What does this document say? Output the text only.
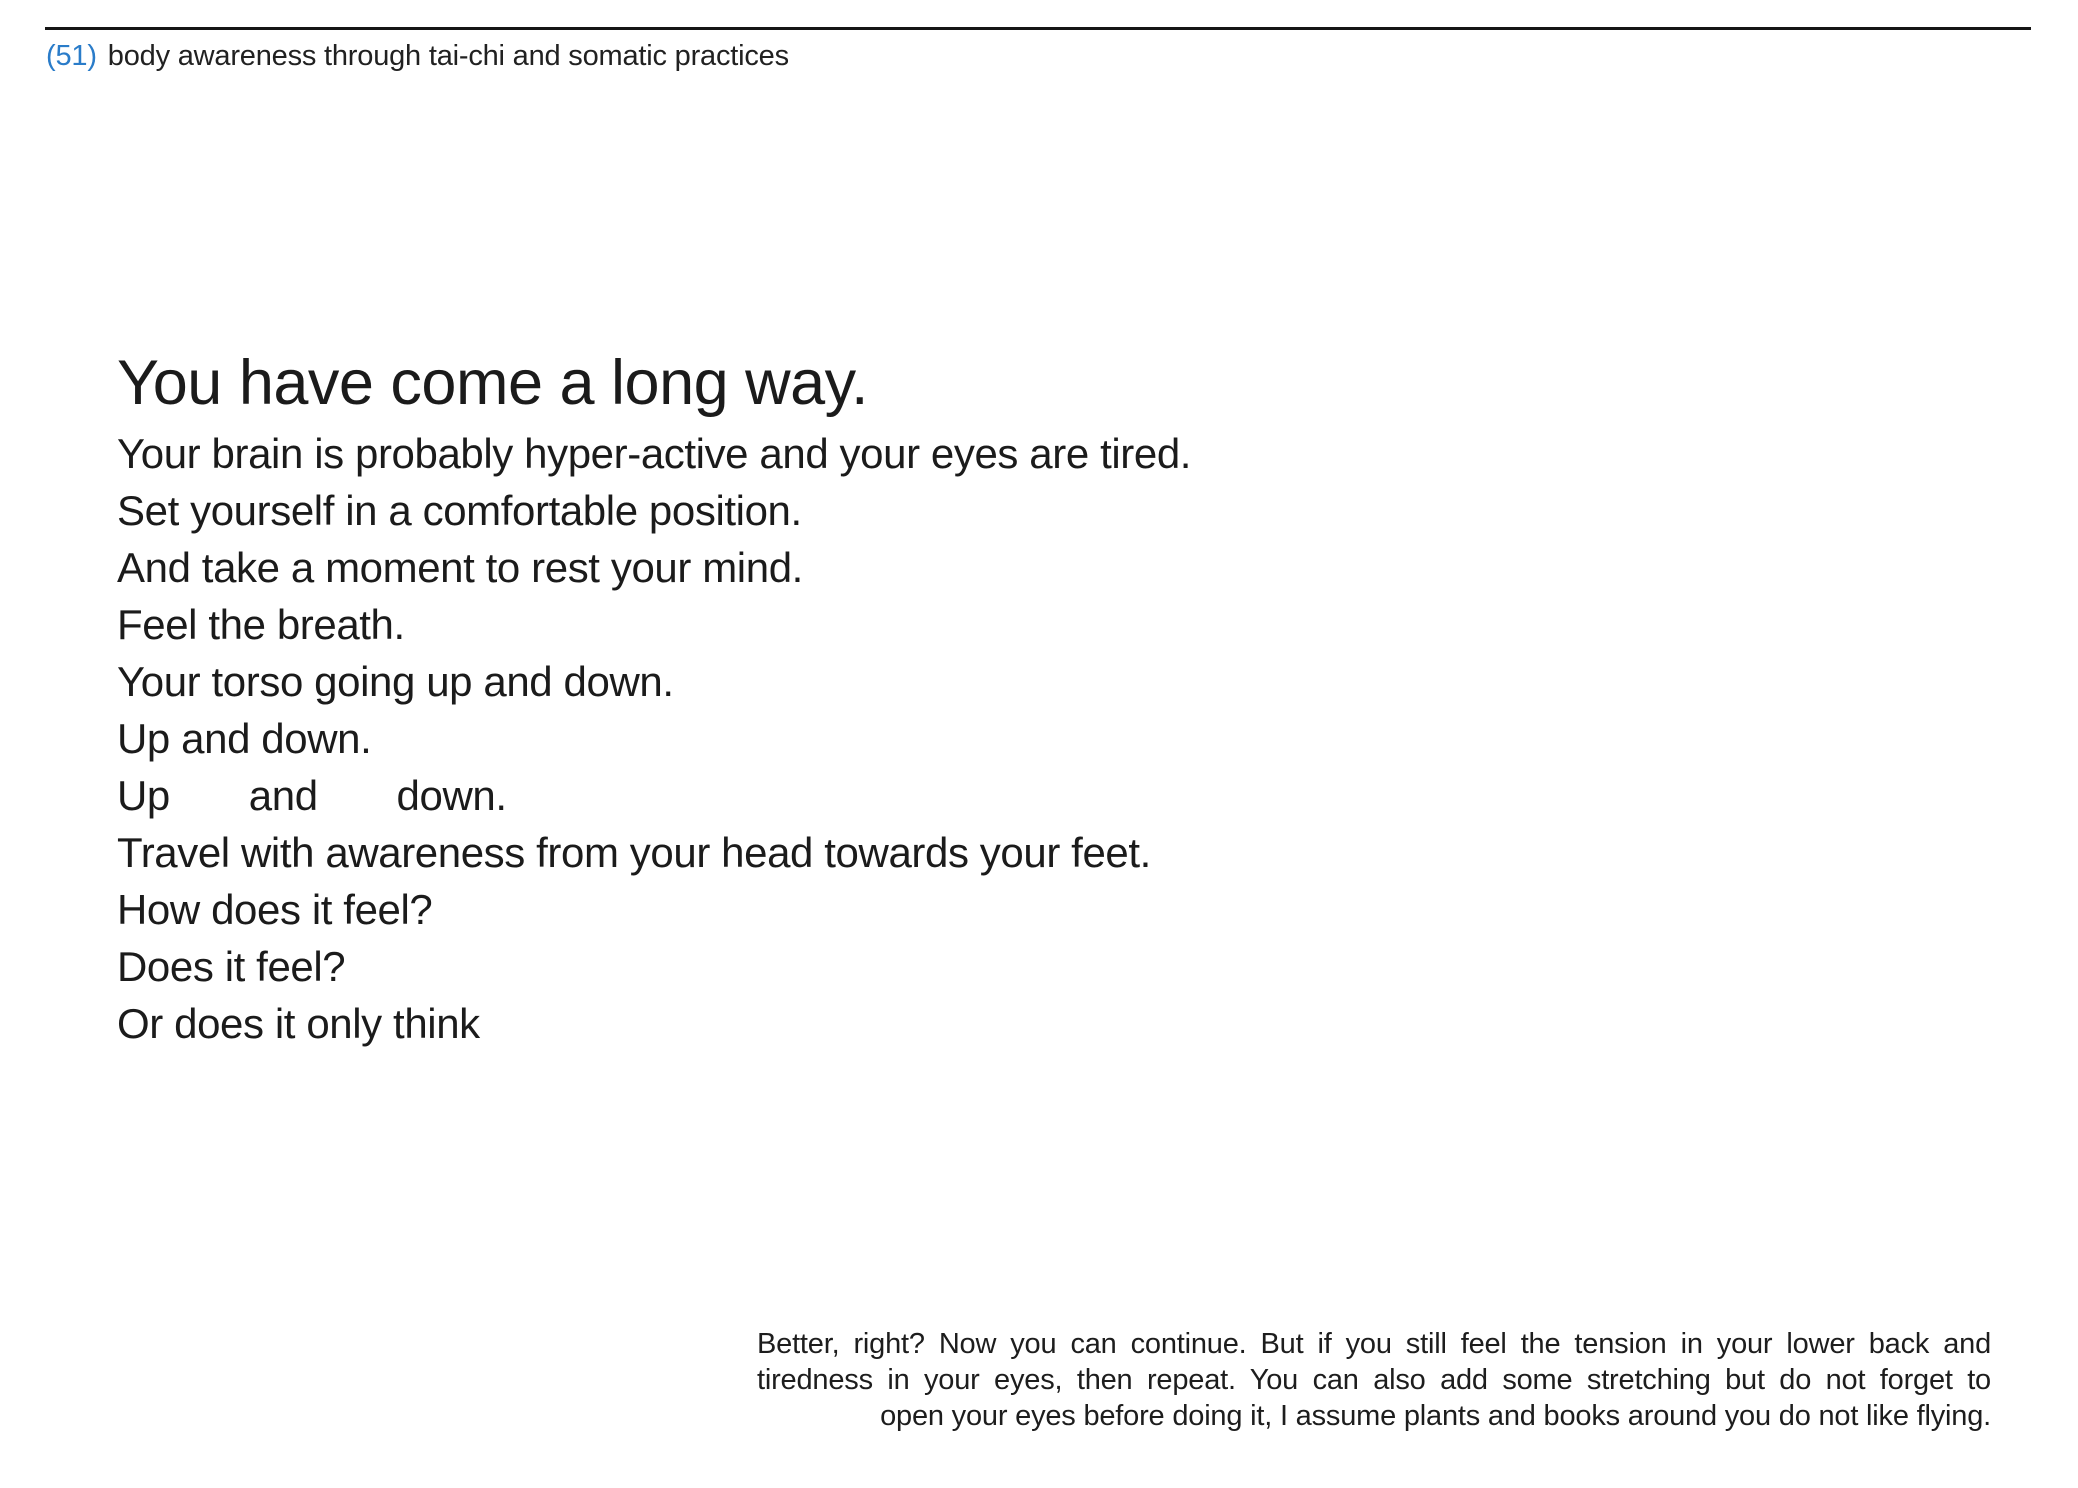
(51) body awareness through tai-chi and somatic practices
You have come a long way.
Your brain is probably hyper-active and your eyes are tired.
Set yourself in a comfortable position.
And take a moment to rest your mind.
Feel the breath.
Your torso going up and down.
Up and down.
Up       and       down.
Travel with awareness from your head towards your feet.
How does it feel?
Does it feel?
Or does it only think
Better, right? Now you can continue. But if you still feel the tension in your lower back and
tiredness in your eyes, then repeat. You can also add some stretching but do not forget to
open your eyes before doing it, I assume plants and books around you do not like flying.
